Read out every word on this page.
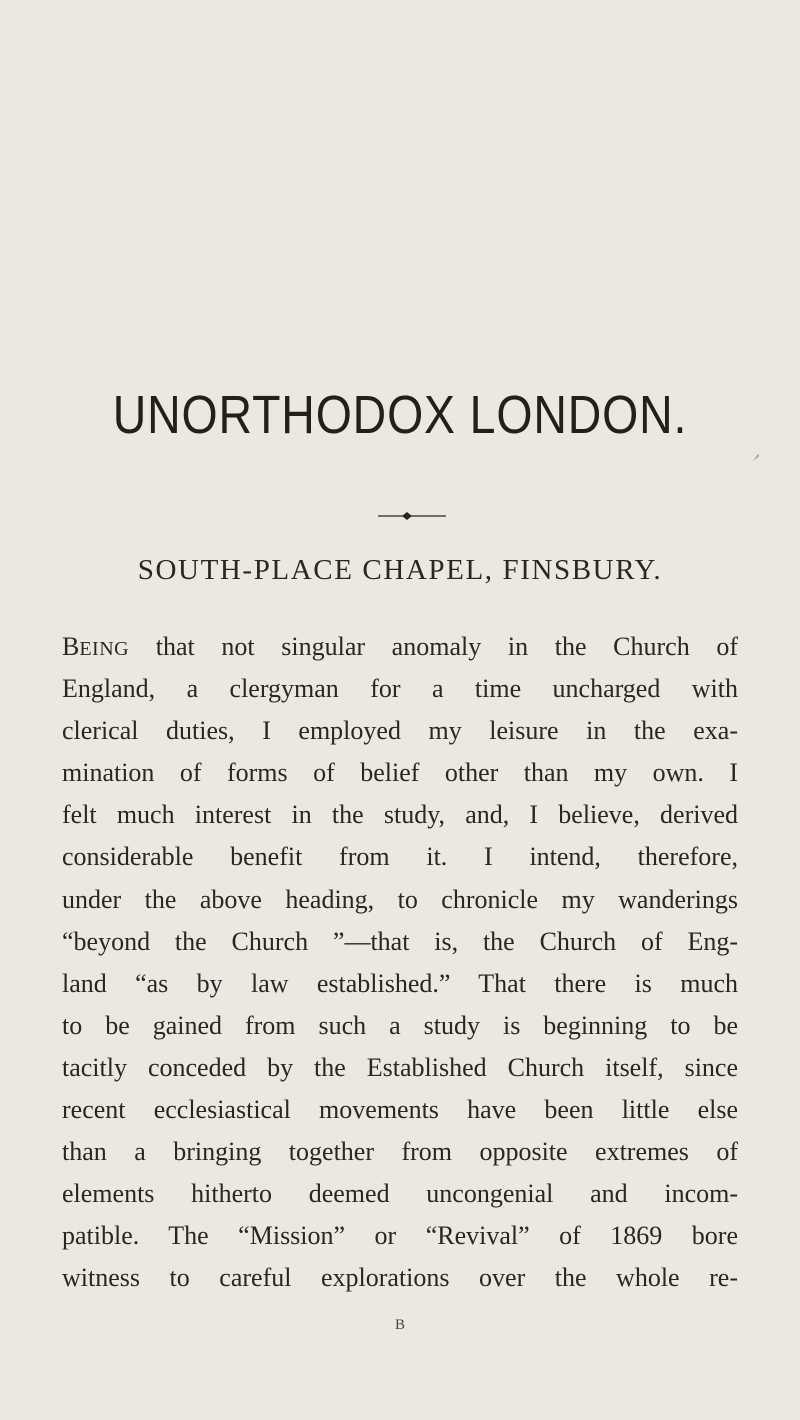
UNORTHODOX LONDON.
SOUTH-PLACE CHAPEL, FINSBURY.
BEING that not singular anomaly in the Church of
England, a clergyman for a time uncharged with
clerical duties, I employed my leisure in the exa-
mination of forms of belief other than my own. I
felt much interest in the study, and, I believe, derived
considerable benefit from it. I intend, therefore,
under the above heading, to chronicle my wanderings
“beyond the Church ”—that is, the Church of Eng-
land “as by law established.” That there is much
to be gained from such a study is beginning to be
tacitly conceded by the Established Church itself, since
recent ecclesiastical movements have been little else
than a bringing together from opposite extremes of
elements hitherto deemed uncongenial and incom-
patible. The “Mission” or “Revival” of 1869 bore
witness to careful explorations over the whole re-
B
